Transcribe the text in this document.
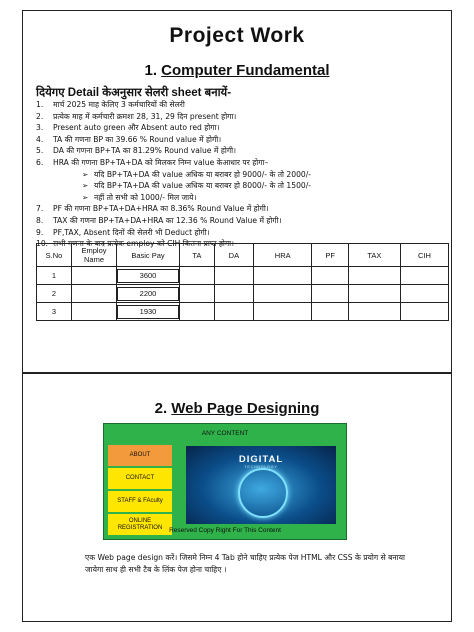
Project Work
1. Computer Fundamental
दियेगए Detail केअनुसार सेलरी sheet बनायें-
1. मार्च 2025 माह केलिए 3 कर्मचारियों की सेलरी
2. प्रत्येक माह में कर्मचारी क्रमशः 28, 31, 29 दिन present होगा।
3. Present auto green और Absent auto red होगा।
4. TA की गणना BP का 39.66 % Round value में होगी।
5. DA की गणना BP+TA का 81.29% Round value में होगी।
6. HRA की गणना BP+TA+DA को मिलकर निम्न value केआधार पर होगा–
➢ यदि BP+TA+DA की value अधिक या बराबर हो 9000/- के तो 2000/-
➢ यदि BP+TA+DA की value अधिक या बराबर हो 8000/- के तो 1500/-
➢ नहीं तो सभी को 1000/- मिल जाये।
7. PF की गणना BP+TA+DA+HRA का 8.36% Round Value में होगी।
8. TAX की गणना BP+TA+DA+HRA का 12.36 % Round Value में होगी।
9. PF,TAX, Absent दिनों की सेलरी भी Deduct होगी।
10. सभी गणना के बाद प्रत्येक employ को CIH कितना प्राप्त होगा।
S.No	Employ Name	Basic Pay	TA	DA	HRA	PF	TAX	CIH
1		3600						
2		2200						
3		1930						
2. Web Page Designing
ANY CONTENT
ABOUT
CONTACT
STAFF & FAculty
ONLINE REGISTRATION
DIGITAL
TECHNOLOGY
Reserved Copy Right For This Content
एक Web page design करें। जिसमे निम्न 4 Tab होने चाहिए प्रत्येक पेज HTML और CSS के प्रयोग से बनाया जायेगा साथ ही सभी टैब के लिंक पेज होना चाहिए ।
